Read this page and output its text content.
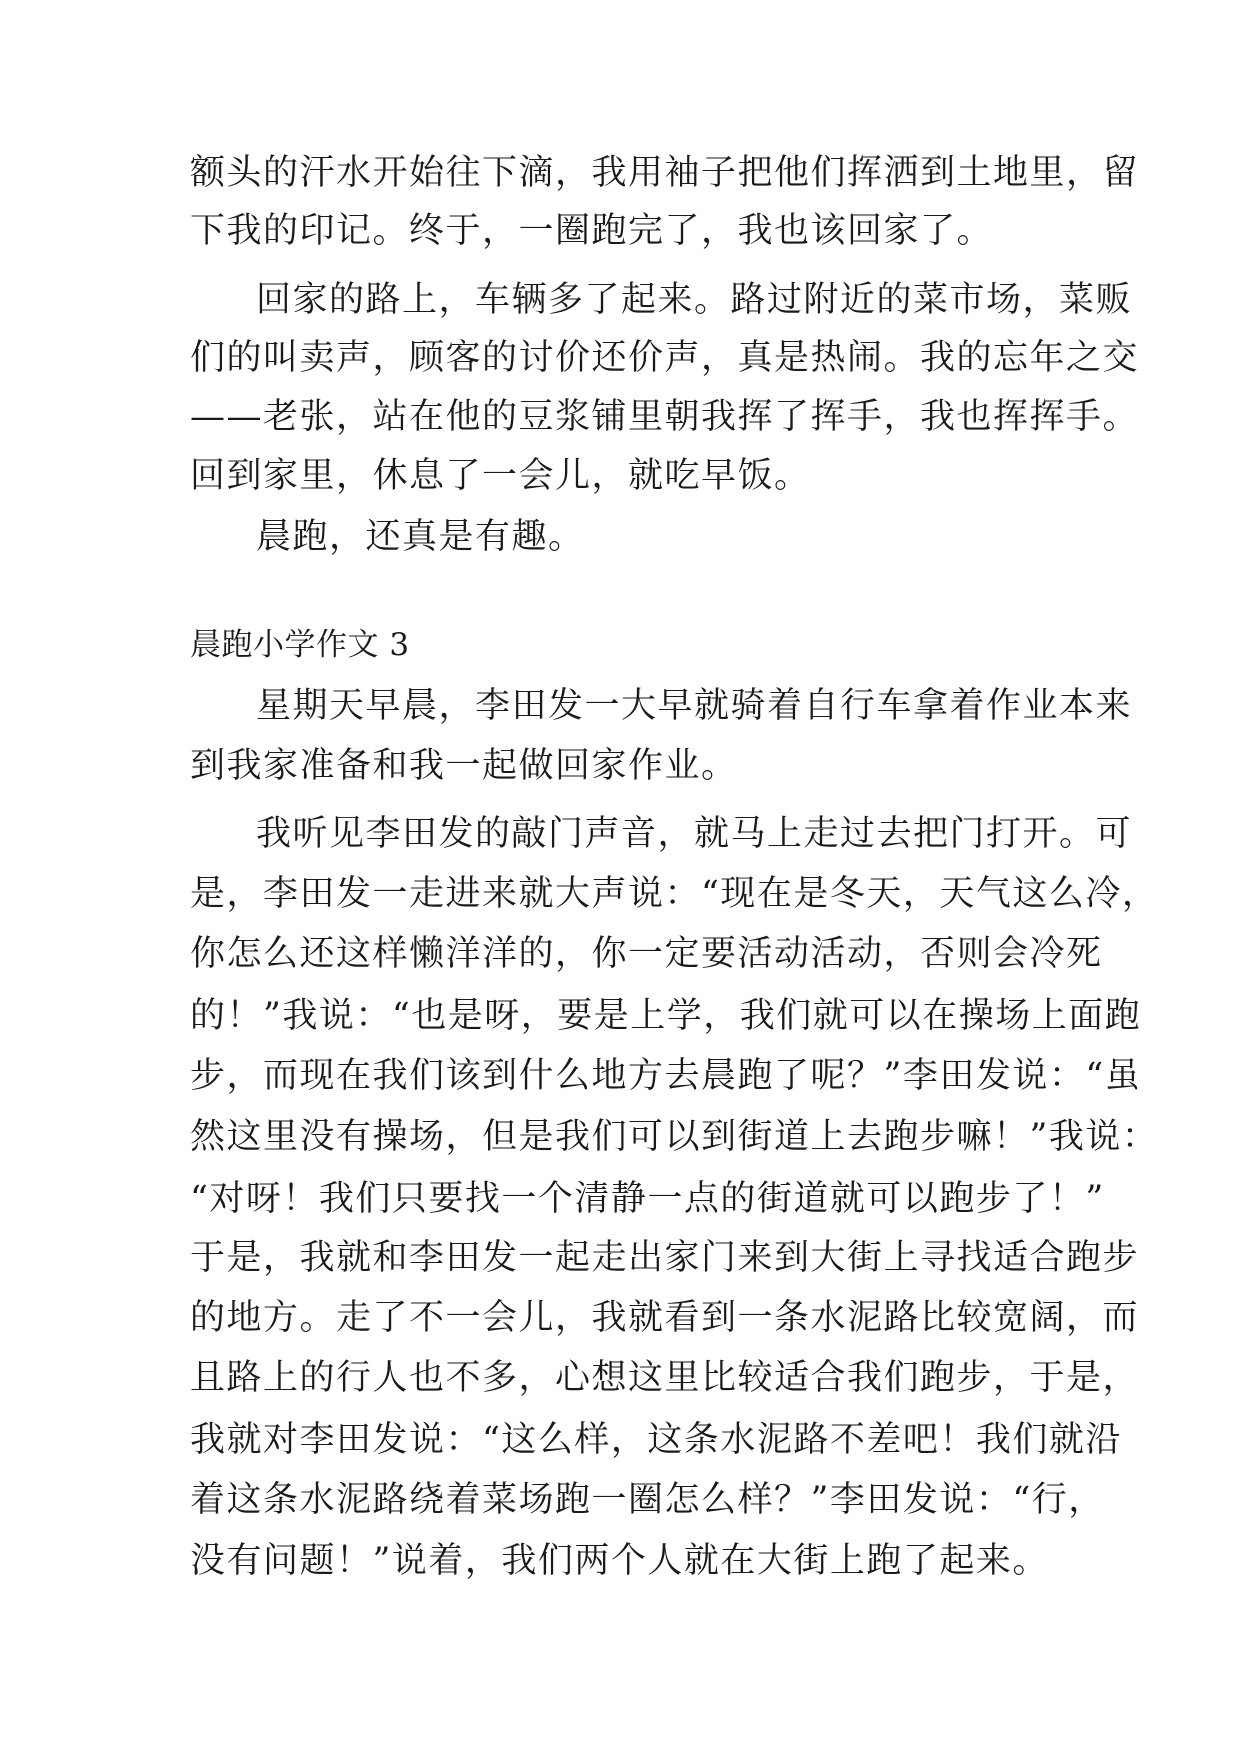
额头的汗水开始往下滴，我用袖子把他们挥洒到土地里，留
下我的印记。终于，一圈跑完了，我也该回家了。
回家的路上，车辆多了起来。路过附近的菜市场，菜贩
们的叫卖声，顾客的讨价还价声，真是热闹。我的忘年之交
——老张，站在他的豆浆铺里朝我挥了挥手，我也挥挥手。
回到家里，休息了一会儿，就吃早饭。
晨跑，还真是有趣。
晨跑小学作文 3
星期天早晨，李田发一大早就骑着自行车拿着作业本来
到我家准备和我一起做回家作业。
我听见李田发的敲门声音，就马上走过去把门打开。可
是，李田发一走进来就大声说：“现在是冬天，天气这么冷，
你怎么还这样懒洋洋的，你一定要活动活动，否则会冷死
的！”我说：“也是呀，要是上学，我们就可以在操场上面跑
步，而现在我们该到什么地方去晨跑了呢？”李田发说：“虽
然这里没有操场，但是我们可以到街道上去跑步嘛！”我说：
“对呀！我们只要找一个清静一点的街道就可以跑步了！”
于是，我就和李田发一起走出家门来到大街上寻找适合跑步
的地方。走了不一会儿，我就看到一条水泥路比较宽阔，而
且路上的行人也不多，心想这里比较适合我们跑步，于是，
我就对李田发说：“这么样，这条水泥路不差吧！我们就沿
着这条水泥路绕着菜场跑一圈怎么样？”李田发说：“行，
没有问题！”说着，我们两个人就在大街上跑了起来。
